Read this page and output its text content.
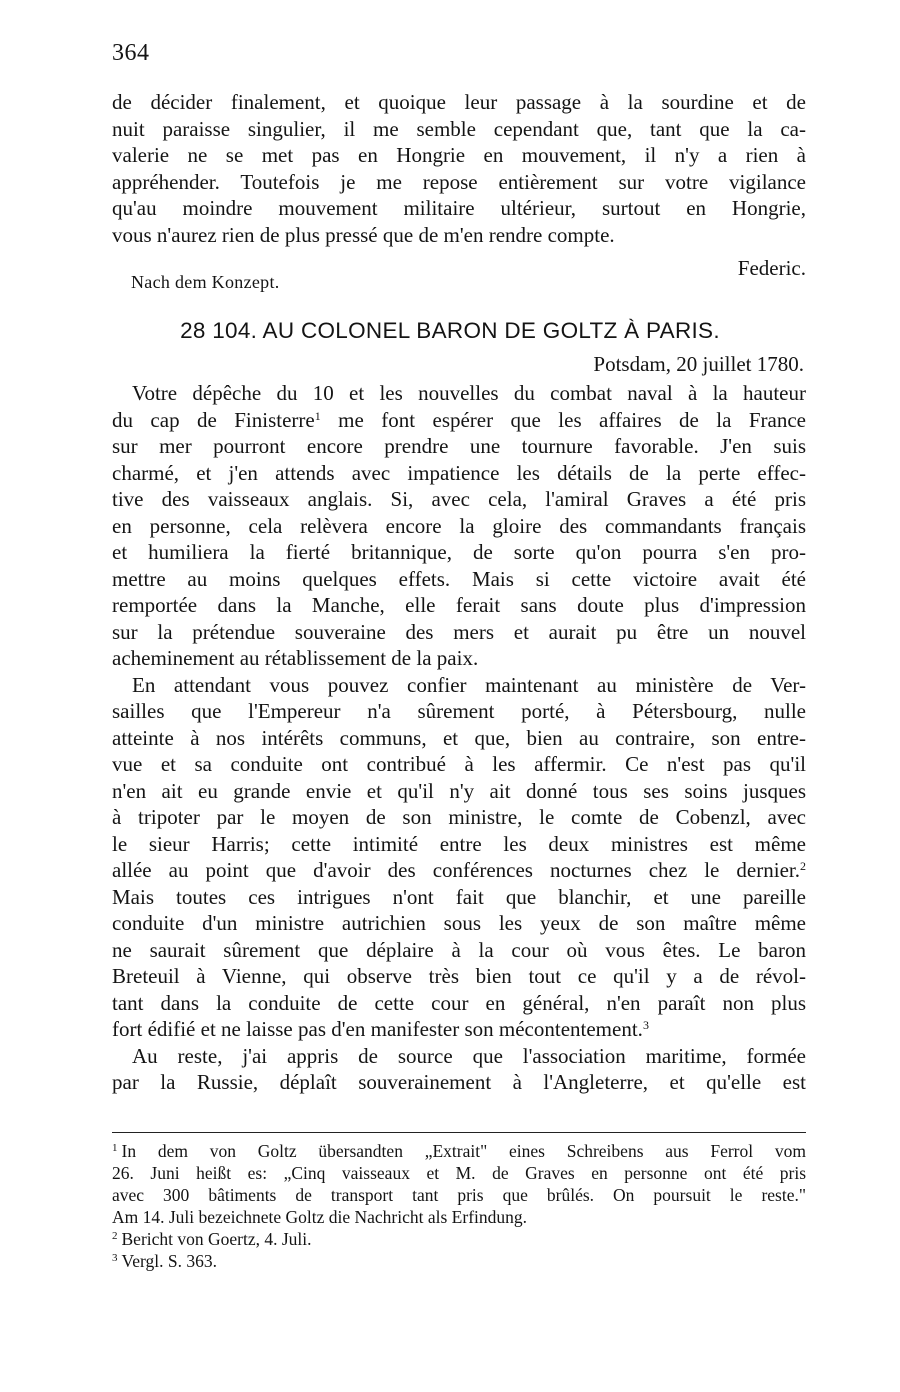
364
de décider finalement, et quoique leur passage à la sourdine et de
nuit paraisse singulier, il me semble cependant que, tant que la ca-
valerie ne se met pas en Hongrie en mouvement, il n'y a rien à
appréhender. Toutefois je me repose entièrement sur votre vigilance
qu'au moindre mouvement militaire ultérieur, surtout en Hongrie,
vous n'aurez rien de plus pressé que de m'en rendre compte.
Federic.
Nach dem Konzept.
28 104. AU COLONEL BARON DE GOLTZ À PARIS.
Potsdam, 20 juillet 1780.
Votre dépêche du 10 et les nouvelles du combat naval à la hauteur
du cap de Finisterre$^1$ me font espérer que les affaires de la France
sur mer pourront encore prendre une tournure favorable. J'en suis
charmé, et j'en attends avec impatience les détails de la perte effec-
tive des vaisseaux anglais. Si, avec cela, l'amiral Graves a été pris
en personne, cela relèvera encore la gloire des commandants français
et humiliera la fierté britannique, de sorte qu'on pourra s'en pro-
mettre au moins quelques effets. Mais si cette victoire avait été
remportée dans la Manche, elle ferait sans doute plus d'impression
sur la prétendue souveraine des mers et aurait pu être un nouvel
acheminement au rétablissement de la paix.
En attendant vous pouvez confier maintenant au ministère de Ver-
sailles que l'Empereur n'a sûrement porté, à Pétersbourg, nulle
atteinte à nos intérêts communs, et que, bien au contraire, son entre-
vue et sa conduite ont contribué à les affermir. Ce n'est pas qu'il
n'en ait eu grande envie et qu'il n'y ait donné tous ses soins jusques
à tripoter par le moyen de son ministre, le comte de Cobenzl, avec
le sieur Harris; cette intimité entre les deux ministres est même
allée au point que d'avoir des conférences nocturnes chez le dernier.$^2$
Mais toutes ces intrigues n'ont fait que blanchir, et une pareille
conduite d'un ministre autrichien sous les yeux de son maître même
ne saurait sûrement que déplaire à la cour où vous êtes. Le baron
Breteuil à Vienne, qui observe très bien tout ce qu'il y a de révol-
tant dans la conduite de cette cour en général, n'en paraît non plus
fort édifié et ne laisse pas d'en manifester son mécontentement.$^3$
Au reste, j'ai appris de source que l'association maritime, formée
par la Russie, déplaît souverainement à l'Angleterre, et qu'elle est
$^1$ In dem von Goltz übersandten „Extrait" eines Schreibens aus Ferrol vom
26. Juni heißt es: „Cinq vaisseaux et M. de Graves en personne ont été pris
avec 300 bâtiments de transport tant pris que brûlés. On poursuit le reste."
Am 14. Juli bezeichnete Goltz die Nachricht als Erfindung.
$^2$ Bericht von Goertz, 4. Juli.
$^3$ Vergl. S. 363.
